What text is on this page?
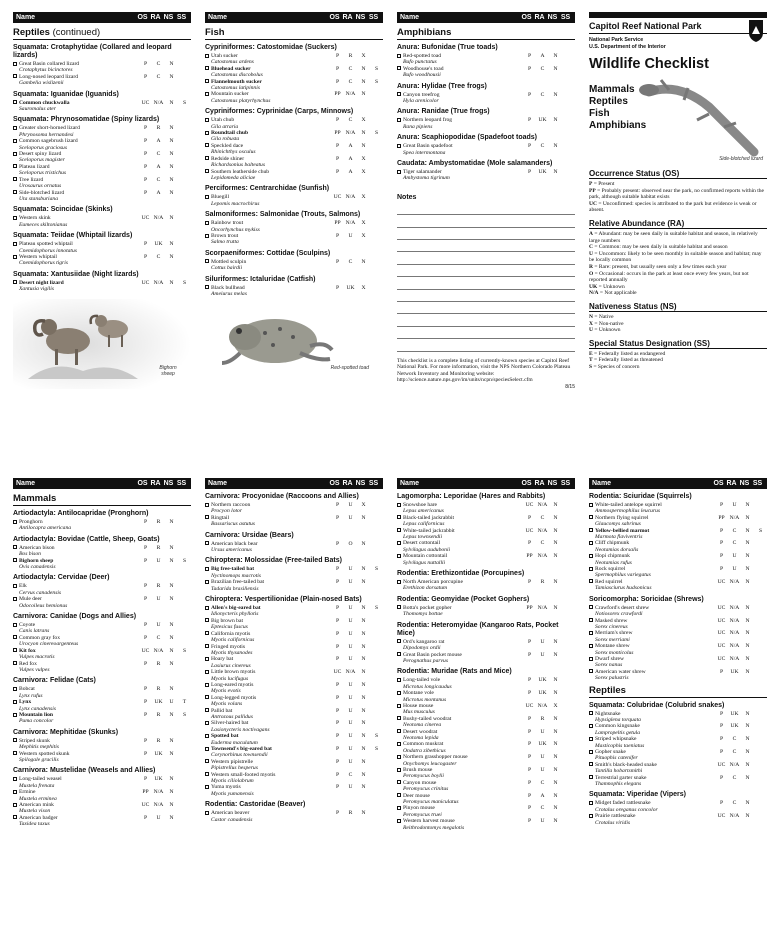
Name	OS RA NS SS
Reptiles (continued)
Squamata: Crotaphytidae (Collared and leopard lizards)
Great Basin collared lizard
Crotaphytus bicinctores
P	C	N
Long-nosed leopard lizard
Gambelia wislizenii
P	C	N
Squamata: Iguanidae (Iguanids)
Common chuckwalla
Sauromalus ater
UC N/A	N	S
Squamata: Phrynosomatidae (Spiny lizards)
Greater short-horned lizard
Phrynosoma hernandesi
P	R	N
Common sagebrush lizard
Sceloporus graciosus
P	A	N
Desert spiny lizard
Sceloporus magister
P	C	N
Plateau lizard
Sceloporus tristichus
P	A	N
Tree lizard
Urosaurus ornatus
P	C	N
Side-blotched lizard
Uta stansburiana
P	A	N
Squamata: Scincidae (Skinks)
Western skink
Eumeces skiltonianus
UC N/A	N
Squamata: Teiidae (Whiptail lizards)
Plateau spotted whiptail
Cnemidophorus innotatus
P	UK	N
Western whiptail
Cnemidophorus tigris
P	C	N
Squamata: Xantusiidae (Night lizards)
Desert night lizard
Xantusia vigilis
UC N/A	N	S
Bighorn sheep
Name	OS RA NS SS
Fish
Cypriniformes: Catostomidae (Suckers)
Utah sucker
Catostomus ardens
P	R	X
Bluehead sucker
Catostomus discobolus
P	C	N	S
Flannelmouth sucker
Catostomus latipinnis
P	C	N	S
Mountain sucker
Catostomus platyrhynchus
PP N/A	N
Cypriniformes: Cyprinidae (Carps, Minnows)
Utah chub
Gila atraria
P	C	X
Roundtail chub
Gila robusta
PP N/A	N	S
Speckled dace
Rhinichthys osculus
P	A	N
Redside shiner
Richardsonius balteatus
P	A	X
Southern leatherside chub
Lepidomeda aliciae
P	A	X
Perciformes: Centrarchidae (Sunfish)
Bluegill
Lepomis macrochirus
UC N/A	X
Salmoniformes: Salmonidae (Trouts, Salmons)
Rainbow trout
Oncorhynchus mykiss
PP N/A	X
Brown trout
Salmo trutta
P	U	X
Scorpaeniformes: Cottidae (Sculpins)
Mottled sculpin
Cottus bairdii
P	C	N
Siluriformes: Ictaluridae (Catfish)
Black bullhead
Ameiurus melas
P	UK	X
Red-spotted toad
Name	OS RA NS SS
Amphibians
Anura: Bufonidae (True toads)
Red-spotted toad
Bufo punctatus
P	A	N
Woodhouse's toad
Bufo woodhousii
P	C	N
Anura: Hylidae (Tree frogs)
Canyon treefrog
Hyla arenicolor
P	C	N
Anura: Ranidae (True frogs)
Northern leopard frog
Rana pipiens
P	UK	N
Anura: Scaphiopodidae (Spadefoot toads)
Great Basin spadefoot
Spea intermontana
P	C	N
Caudata: Ambystomatidae (Mole salamanders)
Tiger salamander
Ambystoma tigrinum
P	UK	N
Notes
This checklist is a complete listing of currently-known species at Capitol Reef National Park. For more information, visit the NPS Northern Colorado Plateau Network Inventory and Monitoring website: http://science.nature.nps.gov/im/units/ncpn/speciesSelect.cfm
8/15
Capitol Reef National Park
National Park Service
U.S. Department of the Interior
Wildlife Checklist
Mammals
Reptiles
Fish
Amphibians
Side-blotched lizard
Occurrence Status (OS)
P = Present
PP = Probably present: observed near the park, no confirmed reports within the park, although suitable habitat exists
UC = Unconfirmed: species is attributed to the park but evidence is weak or absent.
Relative Abundance (RA)
A = Abundant: may be seen daily in suitable habitat and season, in relatively large numbers
C = Common: may be seen daily in suitable habitat and season
U = Uncommon: likely to be seen monthly in suitable season and habitat; may be locally common
R = Rare: present, but usually seen only a few times each year
O = Occasional: occurs in the park at least once every few years, but not reported annually
UK = Unknown
N/A = Not applicable
Nativeness Status (NS)
N = Native
X = Non-native
U = Unknown
Special Status Designation (SS)
E = Federally listed as endangered
T = Federally listed as threatened
S = Species of concern
Name	OS RA NS SS
Mammals
Artiodactyla: Antilocapridae (Pronghorn)
Pronghorn
Antilocapra americana
P	R	N
Artiodactyla: Bovidae (Cattle, Sheep, Goats)
American bison
Bos bison
P	R	N
Bighorn sheep
Ovis canadensis
P	U	N	S
Artiodactyla: Cervidae (Deer)
Elk
Cervus canadensis
P	R	N
Mule deer
Odocoileus hemionus
P	U	N
Carnivora: Canidae (Dogs and Allies)
Coyote
Canis latrans
P	U	N
Common gray fox
Urocyon cinereoargenteus
P	C	N
Kit fox
Vulpes macrotis
UC N/A	N	S
Red fox
Vulpes vulpes
P	R	N
Carnivora: Felidae (Cats)
Bobcat
Lynx rufus
P	R	N
Lynx
Lynx canadensis
P	UK	U	T
Mountain lion
Puma concolor
P	R	N	S
Carnivora: Mephitidae (Skunks)
Striped skunk
Mephitis mephitis
P	R	N
Western spotted skunk
Spilogale gracilis
P	UK	N
Carnivora: Mustelidae (Weasels and Allies)
Long-tailed weasel
Mustela frenata
P	UK	N
Ermine
Mustela erminea
PP N/A	N
American mink
Mustela vison
UC N/A	N
American badger
Taxidea taxus
P	U	N
Name	OS RA NS SS
Carnivora: Procyonidae (Raccoons and Allies)
Northern raccoon
Procyon lotor
P	U	X
Ringtail
Bassariscus astutus
P	U	N
Carnivora: Ursidae (Bears)
American black bear
Ursus americanus
P	O	N
Chiroptera: Molossidae (Free-tailed Bats)
Big free-tailed bat
Nyctinomops macrotis
P	U	N	S
Brazilian free-tailed bat
Tadarida brasiliensis
P	U	N
Chiroptera: Vespertilionidae (Plain-nosed Bats)
Allen's big-eared bat
Idionycteris phyllotis
P	U	N	S
Big brown bat
Eptesicus fuscus
P	U	N
California myotis
Myotis californicus
P	U	N
Fringed myotis
Myotis thysanodes
P	U	N
Hoary bat
Lasiurus cinereus
P	U	N
Little brown myotis
Myotis lucifugus
UC N/A	N
Long-eared myotis
Myotis evotis
P	U	N
Long-legged myotis
Myotis volans
P	U	N
Pallid bat
Antrozous pallidus
P	U	N
Silver-haired bat
Lasionycteris noctivagans
P	U	N
Spotted bat
Euderma maculatum
P	U	N	S
Townsend's big-eared bat
Corynorhinus townsendii
P	U	N	S
Western pipistrelle
Pipistrellus hesperus
P	U	N
Western small-footed myotis
Myotis ciliolabrum
P	C	N
Yuma myotis
Myotis yumanensis
P	U	N
Rodentia: Castoridae (Beaver)
American beaver
Castor canadensis
P	R	N
Name	OS RA NS SS
Lagomorpha: Leporidae (Hares and Rabbits)
Snowshoe hare
Lepus americanus
UC N/A	N
Black-tailed jackrabbit
Lepus californicus
P	C	N
White-tailed jackrabbit
Lepus townsendii
UC N/A	N
Desert cottontail
Sylvilagus audubonii
P	C	N
Mountain cottontail
Sylvilagus nuttallii
PP N/A	N
Rodentia: Erethizontidae (Porcupines)
North American porcupine
Erethizon dorsatum
P	R	N
Rodentia: Geomyidae (Pocket Gophers)
Botta's pocket gopher
Thomomys bottae
PP N/A	N
Rodentia: Heteromyidae (Kangaroo Rats, Pocket Mice)
Ord's kangaroo rat
Dipodomys ordii
P	U	N
Great Basin pocket mouse
Perognathus parvus
P	U	N
Rodentia: Muridae (Rats and Mice)
Long-tailed vole
Microtus longicaudus
P	UK	N
Montane vole
Microtus montanus
P	UK	N
House mouse
Mus musculus
UC N/A	X
Bushy-tailed woodrat
Neotoma cinerea
P	R	N
Desert woodrat
Neotoma lepida
P	U	N
Common muskrat
Ondatra zibethicus
P	UK	N
Northern grasshopper mouse
Onychomys leucogaster
P	U	N
Brush mouse
Peromyscus boylii
P	U	N
Canyon mouse
Peromyscus crinitus
P	C	N
Deer mouse
Peromyscus maniculatus
P	A	N
Pinyon mouse
Peromyscus truei
P	C	N
Western harvest mouse
Reithrodontomys megalotis
P	U	N
Name	OS RA NS SS
Rodentia: Sciuridae (Squirrels)
White-tailed antelope squirrel
Ammospermophilus leucurus
P	U	N
Northern flying squirrel
Glaucomys sabrinus
PP N/A	N
Yellow-bellied marmot
Marmota flaviventris
P	C	N	S
Cliff chipmunk
Neotamias dorsalis
P	C	N
Hopi chipmunk
Neotamias rufus
P	U	N
Rock squirrel
Spermophilus variegatus
P	U	N
Red squirrel
Tamiasciurus hudsonicus
UC N/A	N
Soricomorpha: Soricidae (Shrews)
Crawford's desert shrew
Notiosorex crawfordi
UC N/A	N
Masked shrew
Sorex cinereus
UC N/A	N
Merriam's shrew
Sorex merriami
UC N/A	N
Montane shrew
Sorex monticolus
UC N/A	N
Dwarf shrew
Sorex nanus
UC N/A	N
American water shrew
Sorex palustris
P	UK	N
Reptiles
Squamata: Colubridae (Colubrid snakes)
Nightsnake
Hypsiglena torquata
P	UK	N
Common kingsnake
Lampropeltis getula
P	UK	N
Striped whipsnake
Masticophis taeniatus
P	C	N
Gopher snake
Pituophis catenifer
P	C	N
Smith's black-headed snake
Tantilla hobartsmithi
UC N/A	N
Terrestrial garter snake
Thamnophis elegans
P	C	N
Squamata: Viperidae (Vipers)
Midget faded rattlesnake
Crotalus oreganus concolor
P	C	N
Prairie rattlesnake
Crotalus viridis
UC N/A	N
